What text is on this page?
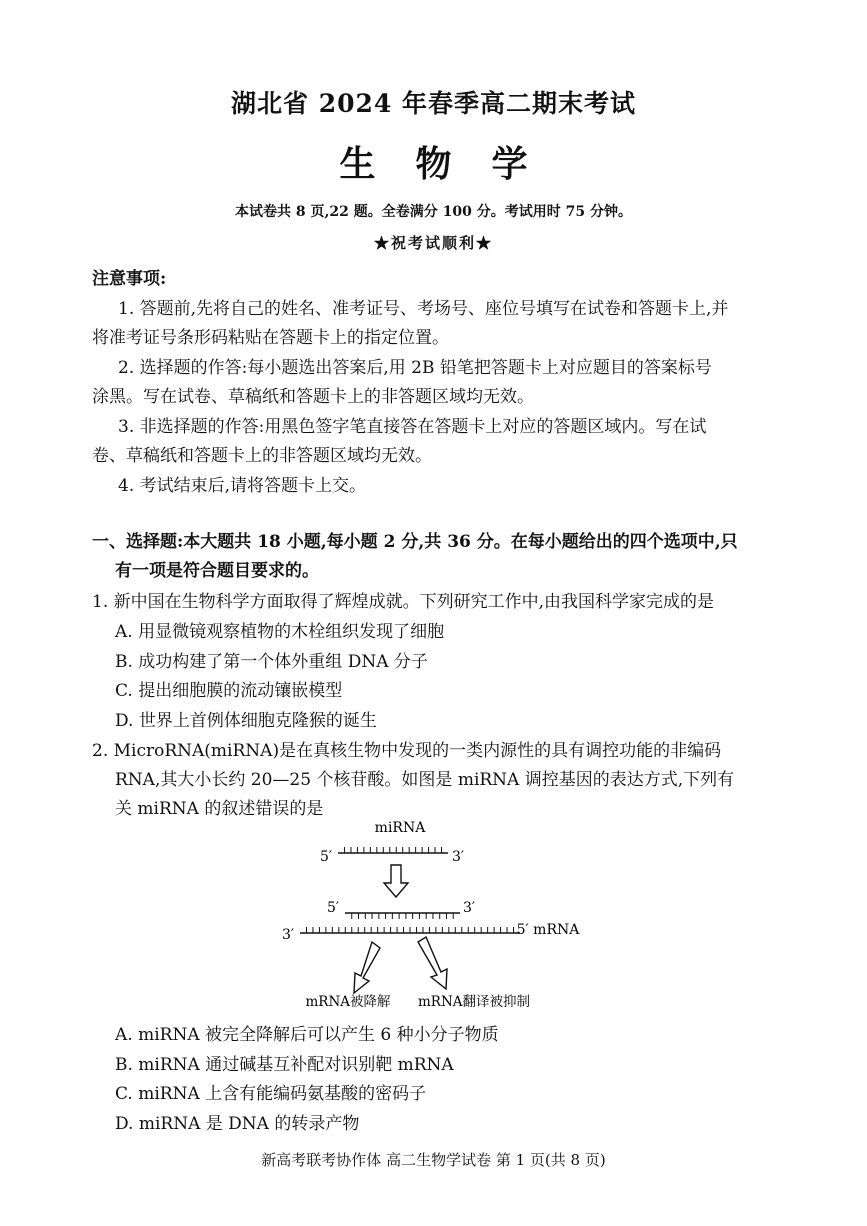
湖北省 2024 年春季高二期末考试
生物学
本试卷共 8 页,22 题。全卷满分 100 分。考试用时 75 分钟。
★祝考试顺利★
注意事项:
1. 答题前,先将自己的姓名、准考证号、考场号、座位号填写在试卷和答题卡上,并
将准考证号条形码粘贴在答题卡上的指定位置。
2. 选择题的作答:每小题选出答案后,用 2B 铅笔把答题卡上对应题目的答案标号
涂黑。写在试卷、草稿纸和答题卡上的非答题区域均无效。
3. 非选择题的作答:用黑色签字笔直接答在答题卡上对应的答题区域内。写在试
卷、草稿纸和答题卡上的非答题区域均无效。
4. 考试结束后,请将答题卡上交。
一、选择题:本大题共 18 小题,每小题 2 分,共 36 分。在每小题给出的四个选项中,只
有一项是符合题目要求的。
1. 新中国在生物科学方面取得了辉煌成就。下列研究工作中,由我国科学家完成的是
A. 用显微镜观察植物的木栓组织发现了细胞
B. 成功构建了第一个体外重组 DNA 分子
C. 提出细胞膜的流动镶嵌模型
D. 世界上首例体细胞克隆猴的诞生
2. MicroRNA(miRNA)是在真核生物中发现的一类内源性的具有调控功能的非编码
RNA,其大小长约 20—25 个核苷酸。如图是 miRNA 调控基因的表达方式,下列有
关 miRNA 的叙述错误的是
miRNA
5′	3′
5′	3′
3′	5′ mRNA
mRNA被降解 mRNA翻译被抑制
A. miRNA 被完全降解后可以产生 6 种小分子物质
B. miRNA 通过碱基互补配对识别靶 mRNA
C. miRNA 上含有能编码氨基酸的密码子
D. miRNA 是 DNA 的转录产物
新高考联考协作体 高二生物学试卷 第 1 页(共 8 页)
